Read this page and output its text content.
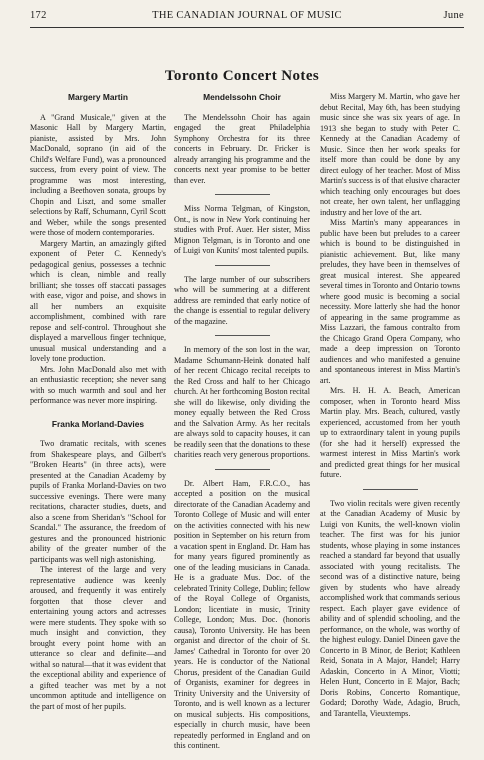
172	THE CANADIAN JOURNAL OF MUSIC	June
Toronto Concert Notes
Margery Martin

A "Grand Musicale," given at the Masonic Hall by Margery Martin, pianiste, assisted by Mrs. John MacDonald, soprano (in aid of the Child's Welfare Fund), was a pronounced success, from every point of view. The programme was most interesting, including a Beethoven sonata, groups by Chopin and Liszt, and some smaller selections by Raff, Schumann, Cyril Scott and Weber, while the songs presented were those of modern contemporaries.

Margery Martin, an amazingly gifted exponent of Peter C. Kennedy's pedagogical genius, possesses a technic which is clean, nimble and really brilliant; she tosses off staccati passages with ease, vigor and poise, and shows in all her numbers an exquisite accomplishment, combined with rare repose and self-control. Throughout she displayed a marvellous finger technique, unusual musical understanding and a lovely tone production.

Mrs. John MacDonald also met with an enthusiastic reception; she never sang with so much warmth and soul and her performance was never more inspiring.

Franka Morland-Davies

Two dramatic recitals, with scenes from Shakespeare plays, and Gilbert's "Broken Hearts" (in three acts), were presented at the Canadian Academy by pupils of Franka Morland-Davies on two successive evenings. There were many recitations, character studies, duets, and also a scene from Sheridan's "School for Scandal." The assurance, the freedom of gestures and the pronounced histrionic ability of the greater number of the participants was well nigh astonishing.

The interest of the large and very representative audience was keenly aroused, and frequently it was entirely forgotten that those clever and entertaining young actors and actresses were mere students. They spoke with so much insight and conviction, they brought every point home with an utterance so clear and definite—and withal so natural—that it was evident that the exceptional ability and experience of a gifted teacher was met by a not uncommon aptitude and intelligence on the part of most of her pupils.

Mendelssohn Choir

The Mendelssohn Choir has again engaged the great Philadelphia Symphony Orchestra for its three concerts in February. Dr. Fricker is already arranging his programme and the concerts next year promise to be better than ever.

Miss Norma Telgman, of Kingston, Ont., is now in New York continuing her studies with Prof. Auer. Her sister, Miss Mignon Telgman, is in Toronto and one of Luigi von Kunits' most talented pupils.

The large number of our subscribers who will be summering at a different address are reminded that early notice of the change is essential to regular delivery of the magazine.

In memory of the son lost in the war, Madame Schumann-Heink donated half of her recent Chicago recital receipts to the Red Cross and half to her Chicago church. At her forthcoming Boston recital she will do likewise, only dividing the money equally between the Red Cross and the Salvation Army. As her recitals are always sold to capacity houses, it can be readily seen that the donations to these charities reach very generous proportions.

Dr. Albert Ham, F.R.C.O., has accepted a position on the musical directorate of the Canadian Academy and Toronto College of Music and will enter on the activities connected with his new position in September on his return from a vacation spent in England. Dr. Ham has for many years figured prominently as one of the leading musicians in Canada. He is a graduate Mus. Doc. of the celebrated Trinity College, Dublin; fellow of the Royal College of Organists, London; licentiate in music, Trinity College, London; Mus. Doc. (honoris causa), Toronto University. He has been organist and director of the choir of St. James' Cathedral in Toronto for over 20 years. He is conductor of the National Chorus, president of the Canadian Guild of Organists, examiner for degrees in Trinity University and the University of Toronto, and is well known as a lecturer on musical subjects. His compositions, especially in church music, have been repeatedly performed in England and on this continent.

Miss Margery M. Martin, who gave her debut Recital, May 6th, has been studying music since she was six years of age. In 1913 she began to study with Peter C. Kennedy at the Canadian Academy of Music. Since then her work speaks for itself more than could be done by any direct eulogy of her teacher. Most of Miss Martin's success is of that elusive character which teaching only encourages but does not create, her own talent, her unflagging industry and her love of the art.

Miss Martin's many appearances in public have been but preludes to a career which is bound to be distinguished in pianistic achievement. But, like many preludes, they have been in themselves of great musical interest. She appeared several times in Toronto and Ontario towns where good music is becoming a social necessity. More latterly she had the honor of appearing in the same programme as Miss Lazzari, the famous contralto from the Chicago Grand Opera Company, who made a deep impression on Toronto audiences and who manifested a genuine and spontaneous interest in Miss Martin's art.

Mrs. H. H. A. Beach, American composer, when in Toronto heard Miss Martin play. Mrs. Beach, cultured, vastly experienced, accustomed from her youth up to extraordinary talent in young pupils (for she had it herself) expressed the warmest interest in Miss Martin's work and predicted great things for her musical future.

Two violin recitals were given recently at the Canadian Academy of Music by Luigi von Kunits, the well-known violin teacher. The first was for his junior students, whose playing in some instances reached a standard far beyond that usually associated with young recitalists. The second was of a distinctive nature, being given by students who have already accomplished work that commands serious respect. Each player gave evidence of ability and of splendid schooling, and the performance, on the whole, was worthy of the highest eulogy. Daniel Dineen gave the Concerto in B Minor, de Beriot; Kathleen Reid, Sonata in A Major, Handel; Harry Adaskin, Concerto in A Minor, Viotti; Helen Hunt, Concerto in E Major, Bach; Doris Robins, Concerto Romantique, Godard; Dorothy Wade, Adagio, Bruch, and Tarantella, Vieuxtemps.
